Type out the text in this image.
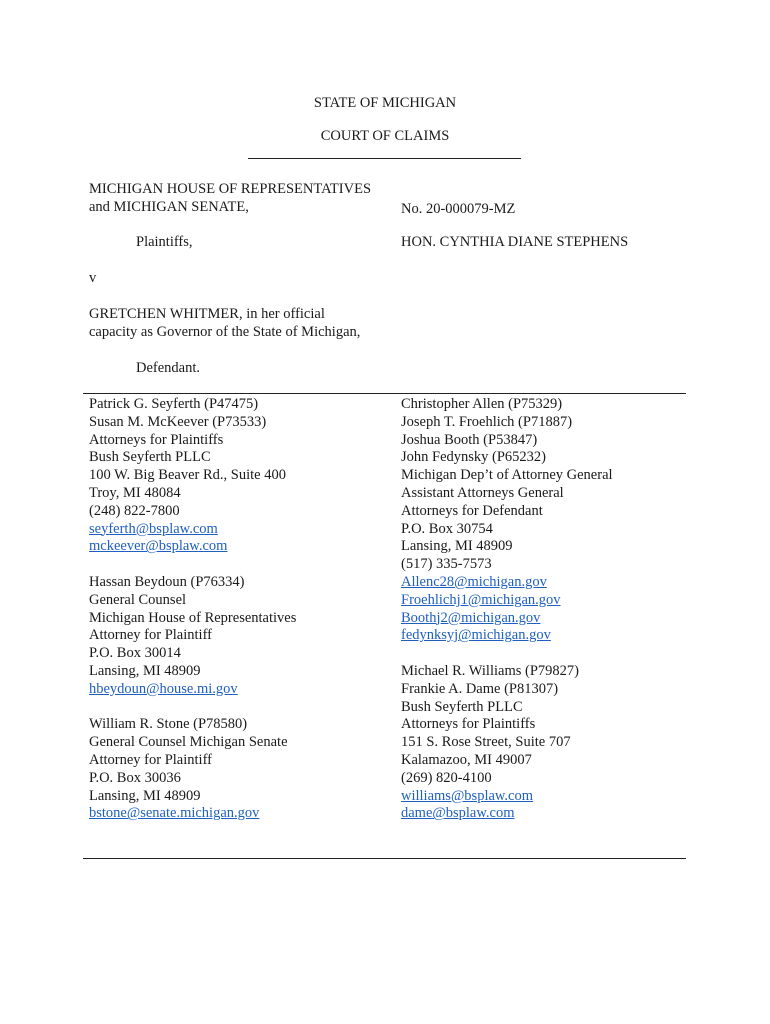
STATE OF MICHIGAN
COURT OF CLAIMS
MICHIGAN HOUSE OF REPRESENTATIVES
and MICHIGAN SENATE,
Plaintiffs,
v
GRETCHEN WHITMER, in her official
capacity as Governor of the State of Michigan,
Defendant.
No. 20-000079-MZ
HON. CYNTHIA DIANE STEPHENS
Patrick G. Seyferth (P47475)
Susan M. McKeever (P73533)
Attorneys for Plaintiffs
Bush Seyferth PLLC
100 W. Big Beaver Rd., Suite 400
Troy, MI 48084
(248) 822-7800
seyferth@bsplaw.com
mckeever@bsplaw.com
Hassan Beydoun (P76334)
General Counsel
Michigan House of Representatives
Attorney for Plaintiff
P.O. Box 30014
Lansing, MI 48909
hbeydoun@house.mi.gov
William R. Stone (P78580)
General Counsel Michigan Senate
Attorney for Plaintiff
P.O. Box 30036
Lansing, MI 48909
bstone@senate.michigan.gov
Christopher Allen (P75329)
Joseph T. Froehlich (P71887)
Joshua Booth (P53847)
John Fedynsky (P65232)
Michigan Dep’t of Attorney General
Assistant Attorneys General
Attorneys for Defendant
P.O. Box 30754
Lansing, MI 48909
(517) 335-7573
Allenc28@michigan.gov
Froehlichj1@michigan.gov
Boothj2@michigan.gov
fedynksyj@michigan.gov
Michael R. Williams (P79827)
Frankie A. Dame (P81307)
Bush Seyferth PLLC
Attorneys for Plaintiffs
151 S. Rose Street, Suite 707
Kalamazoo, MI 49007
(269) 820-4100
williams@bsplaw.com
dame@bsplaw.com
